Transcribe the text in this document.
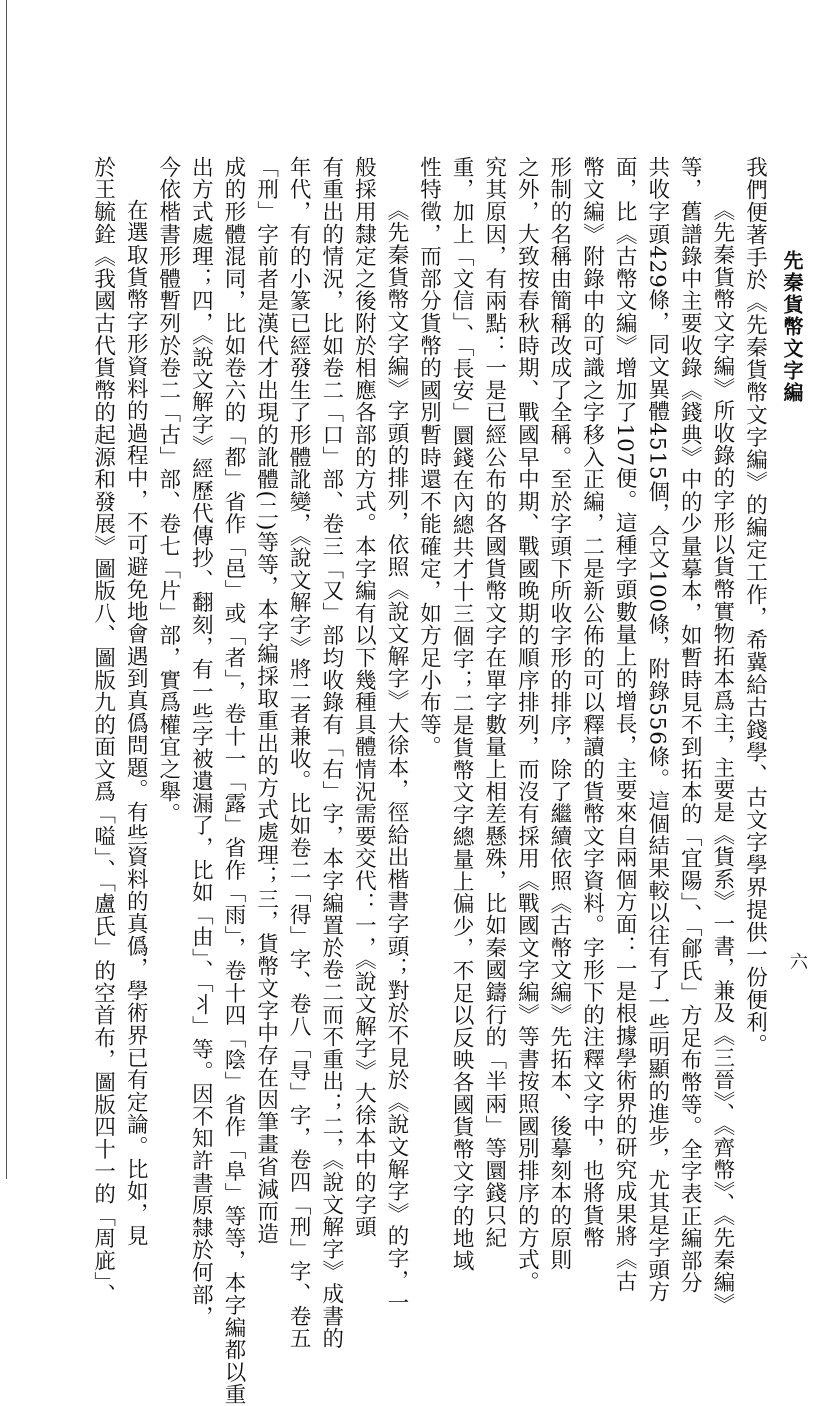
先秦貨幣文字編
六
我們便著手於《先秦貨幣文字編》的編定工作，希冀給古錢學、古文字學界提供一份便利。
《先秦貨幣文字編》所收錄的字形以貨幣實物拓本爲主，主要是《貨系》一書，兼及《三晉》、《齊幣》、《先秦編》
等，舊譜錄中主要收錄《錢典》中的少量摹本，如暫時見不到拓本的「宜陽」、「鄃氏」方足布幣等。全字表正編部分
共收字頭429條，同文異體4515個，合文100條，附錄556條。這個結果較以往有了一些明顯的進步，尤其是字頭方
面，比《古幣文編》增加了107便。這種字頭數量上的增長，主要來自兩個方面：一是根據學術界的研究成果將《古
幣文編》附錄中的可識之字移入正編，二是新公佈的可以釋讀的貨幣文字資料。字形下的注釋文字中，也將貨幣
形制的名稱由簡稱改成了全稱。至於字頭下所收字形的排序，除了繼續依照《古幣文編》先拓本、後摹刻本的原則
之外，大致按春秋時期、戰國早中期、戰國晚期的順序排列，而沒有採用《戰國文字編》等書按照國別排序的方式。
究其原因，有兩點：一是已經公布的各國貨幣文字在單字數量上相差懸殊，比如秦國鑄行的「半兩」等圜錢只紀
重，加上「文信」、「長安」圜錢在內總共才十三個字；二是貨幣文字總量上偏少，不足以反映各國貨幣文字的地域
性特徵，而部分貨幣的國別暫時還不能確定，如方足小布等。
《先秦貨幣文字編》字頭的排列，依照《說文解字》大徐本，徑給出楷書字頭；對於不見於《說文解字》的字，一
般採用隸定之後附於相應各部的方式。本字編有以下幾種具體情況需要交代：一，《說文解字》大徐本中的字頭
有重出的情況，比如卷二「口」部、卷三「又」部均收錄有「右」字，本字編置於卷二而不重出；二，《說文解字》成書的
年代，有的小篆已經發生了形體訛變，《說文解字》將二者兼收。比如卷二「得」字、卷八「㝵」字，卷四「刑」字、卷五
「刑」字前者是漢代才出現的訛體(二)等等，本字編採取重出的方式處理；三，貨幣文字中存在因筆畫省減而造
成的形體混同，比如卷六的「都」省作「邑」或「者」，卷十一「露」省作「雨」，卷十四「陰」省作「阜」等等，本字編都以重
出方式處理；四，《說文解字》經歷代傳抄、翻刻，有一些字被遺漏了，比如「由」、「丬」等。因不知許書原隸於何部，
今依楷書形體暫列於卷二「古」部、卷七「片」部，實爲權宜之舉。
在選取貨幣字形資料的過程中，不可避免地會遇到真僞問題。有些資料的真僞，學術界已有定論。比如，見
於王毓銓《我國古代貨幣的起源和發展》圖版八、圖版九的面文爲「嗌」、「盧氏」的空首布，圖版四十一的「周庛」、
